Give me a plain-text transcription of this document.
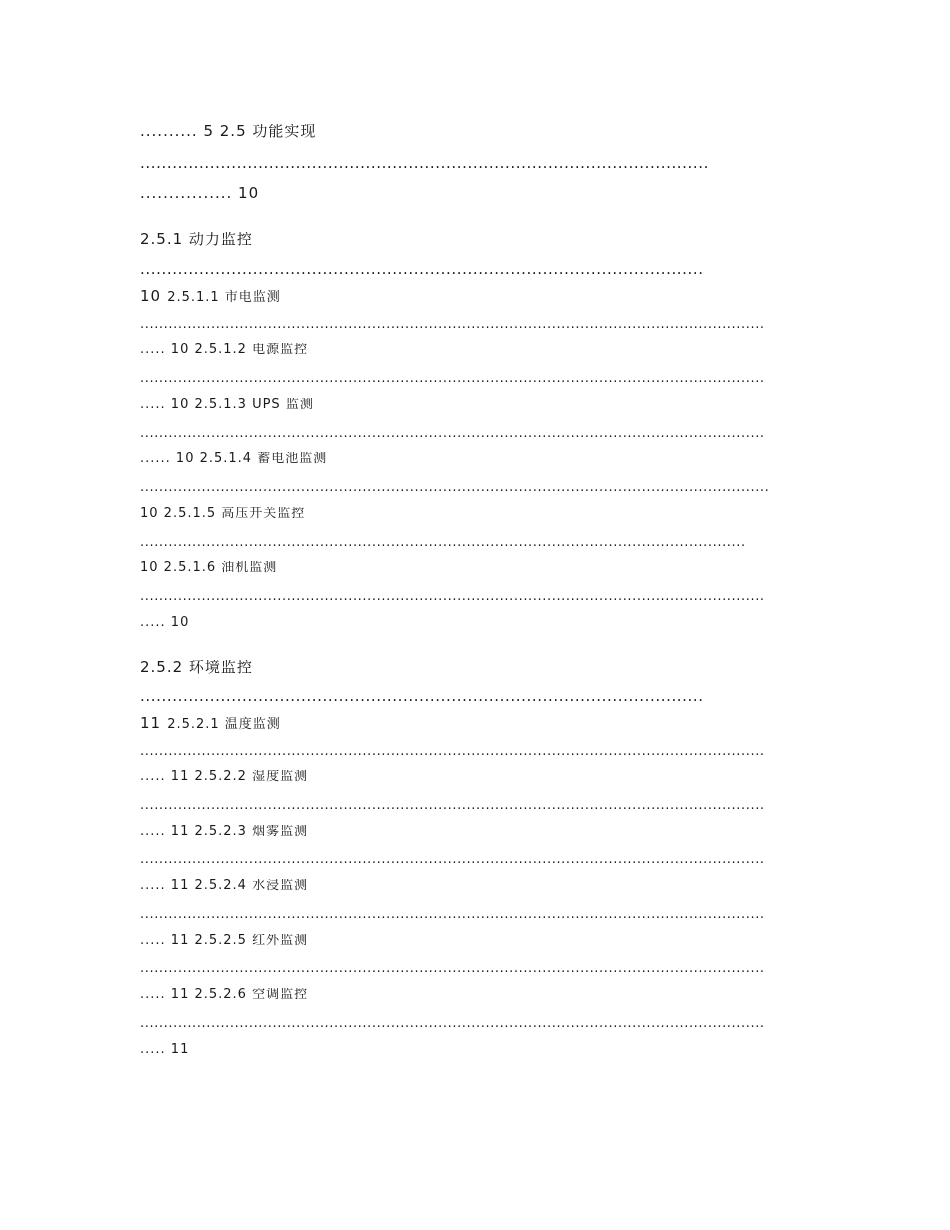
.......... 5 2.5 功能实现
..........................................................................................................
................ 10
2.5.1 动力监控
.........................................................................................................
10 2.5.1.1 市电监测
....................................................................................................................................
..... 10 2.5.1.2 电源监控
....................................................................................................................................
..... 10 2.5.1.3 UPS 监测
....................................................................................................................................
...... 10 2.5.1.4 蓄电池监测
.....................................................................................................................................
10 2.5.1.5 高压开关监控
................................................................................................................................
10 2.5.1.6 油机监测
....................................................................................................................................
..... 10
2.5.2 环境监控
.........................................................................................................
11 2.5.2.1 温度监测
....................................................................................................................................
..... 11 2.5.2.2 湿度监测
....................................................................................................................................
..... 11 2.5.2.3 烟雾监测
....................................................................................................................................
..... 11 2.5.2.4 水浸监测
....................................................................................................................................
..... 11 2.5.2.5 红外监测
....................................................................................................................................
..... 11 2.5.2.6 空调监控
....................................................................................................................................
..... 11
